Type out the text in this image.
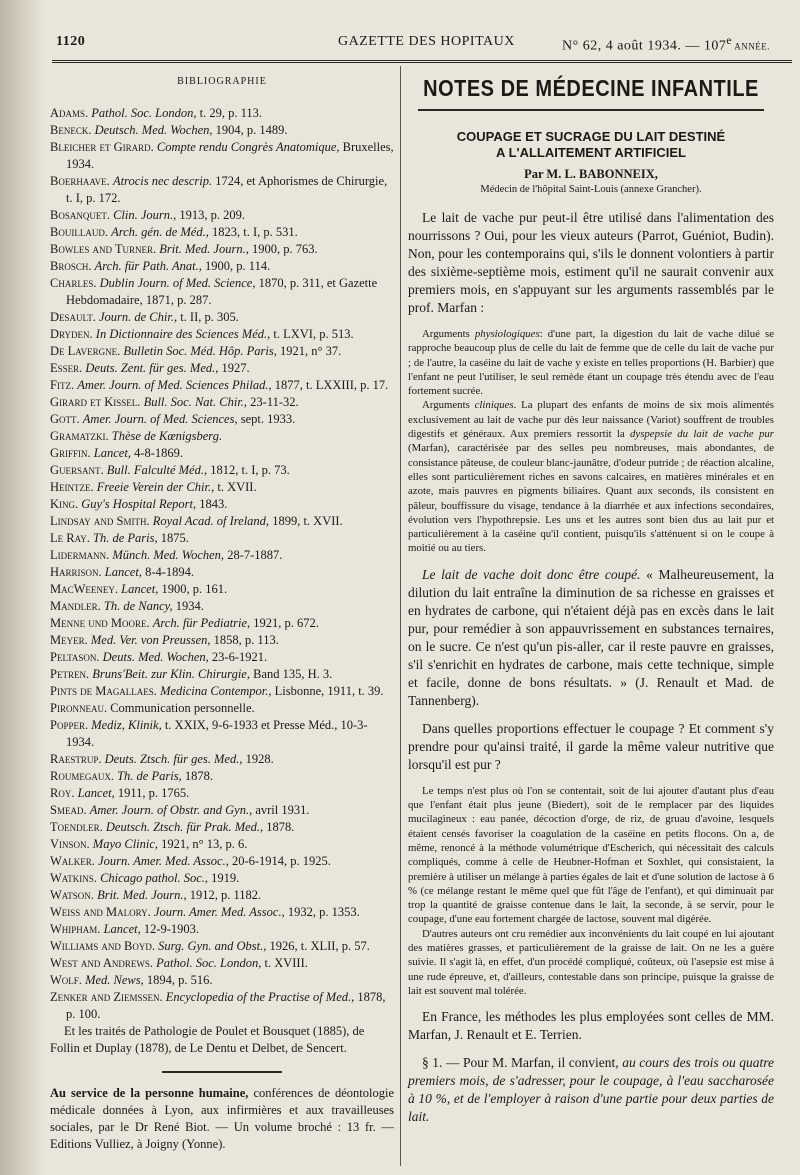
1120	GAZETTE DES HOPITAUX	N° 62, 4 août 1934. — 107e ANNÉE.
BIBLIOGRAPHIE

Adams. Pathol. Soc. London, t. 29, p. 113.

Beneck. Deutsch. Med. Wochen, 1904, p. 1489.

Bleicher et Girard. Compte rendu Congrès Anatomique, Bruxelles, 1934.

Boerhaave. Atrocis nec descrip. 1724, et Aphorismes de Chirurgie, t. I, p. 172.

Bosanquet. Clin. Journ., 1913, p. 209.

Bouillaud. Arch. gén. de Méd., 1823, t. I, p. 531.

Bowles and Turner. Brit. Med. Journ., 1900, p. 763.

Brosch. Arch. für Path. Anat., 1900, p. 114.

Charles. Dublin Journ. of Med. Science, 1870, p. 311, et Gazette Hebdomadaire, 1871, p. 287.

Desault. Journ. de Chir., t. II, p. 305.

Dryden. In Dictionnaire des Sciences Méd., t. LXVI, p. 513.

De Lavergne. Bulletin Soc. Méd. Hôp. Paris, 1921, n° 37.

Esser. Deuts. Zent. für ges. Med., 1927.

Fitz. Amer. Journ. of Med. Sciences Philad., 1877, t. LXXIII, p. 17.

Girard et Kissel. Bull. Soc. Nat. Chir., 23-11-32.

Gott. Amer. Journ. of Med. Sciences, sept. 1933.

Gramatzki. Thèse de Kœnigsberg.

Griffin. Lancet, 4-8-1869.

Guersant. Bull. Falculté Méd., 1812, t. I, p. 73.

Heintze. Freeie Verein der Chir., t. XVII.

King. Guy's Hospital Report, 1843.

Lindsay and Smith. Royal Acad. of Ireland, 1899, t. XVII.

Le Ray. Th. de Paris, 1875.

Lidermann. Münch. Med. Wochen, 28-7-1887.

Harrison. Lancet, 8-4-1894.

MacWeeney. Lancet, 1900, p. 161.

Mandler. Th. de Nancy, 1934.

Menne und Moore. Arch. für Pediatrie, 1921, p. 672.

Meyer. Med. Ver. von Preussen, 1858, p. 113.

Peltason. Deuts. Med. Wochen, 23-6-1921.

Petren. Bruns'Beit. zur Klin. Chirurgie, Band 135, H. 3.

Pints de Magallaes. Medicina Contempor., Lisbonne, 1911, t. 39.

Pironneau. Communication personnelle.

Popper. Mediz, Klinik, t. XXIX, 9-6-1933 et Presse Méd., 10-3-1934.

Raestrup. Deuts. Ztsch. für ges. Med., 1928.

Roumegaux. Th. de Paris, 1878.

Roy. Lancet, 1911, p. 1765.

Smead. Amer. Journ. of Obstr. and Gyn., avril 1931.

Toendler. Deutsch. Ztsch. für Prak. Med., 1878.

Vinson. Mayo Clinic, 1921, n° 13, p. 6.

Walker. Journ. Amer. Med. Assoc., 20-6-1914, p. 1925.

Watkins. Chicago pathol. Soc., 1919.

Watson. Brit. Med. Journ., 1912, p. 1182.

Weiss and Malory. Journ. Amer. Med. Assoc., 1932, p. 1353.

Whipham. Lancet, 12-9-1903.

Williams and Boyd. Surg. Gyn. and Obst., 1926, t. XLII, p. 57.

West and Andrews. Pathol. Soc. London, t. XVIII.

Wolf. Med. News, 1894, p. 516.

Zenker and Ziemssen. Encyclopedia of the Practise of Med., 1878, p. 100.

Et les traités de Pathologie de Poulet et Bousquet (1885), de Follin et Duplay (1878), de Le Dentu et Delbet, de Sencert.

Au service de la personne humaine, conférences de déontologie médicale données à Lyon, aux infirmières et aux travailleuses sociales, par le Dr René Biot. — Un volume broché : 13 fr. — Editions Vulliez, à Joigny (Yonne).

NOTES DE MÉDECINE INFANTILE

COUPAGE ET SUCRAGE DU LAIT DESTINÉ
A L'ALLAITEMENT ARTIFICIEL

Par M. L. BABONNEIX,

Médecin de l'hôpital Saint-Louis (annexe Grancher).

Le lait de vache pur peut-il être utilisé dans l'alimentation des nourrissons ? Oui, pour les vieux auteurs (Parrot, Guéniot, Budin). Non, pour les contemporains qui, s'ils le donnent volontiers à partir des sixième-septième mois, estiment qu'il ne saurait convenir aux premiers mois, en s'appuyant sur les arguments rassemblés par le prof. Marfan :

Arguments physiologiques: d'une part, la digestion du lait de vache dilué se rapproche beaucoup plus de celle du lait de femme que de celle du lait de vache pur ; de l'autre, la caséine du lait de vache y existe en telles proportions (H. Barbier) que l'enfant ne peut l'utiliser, le seul remède étant un coupage très étendu avec de l'eau fortement sucrée.

Arguments cliniques. La plupart des enfants de moins de six mois alimentés exclusivement au lait de vache pur dès leur naissance (Variot) souffrent de troubles digestifs et généraux. Aux premiers ressortit la dyspepsie du lait de vache pur (Marfan), caractérisée par des selles peu nombreuses, mais abondantes, de consistance pâteuse, de couleur blanc-jaunâtre, d'odeur putride ; de réaction alcaline, elles sont particulièrement riches en savons calcaires, en matières minérales et en azote, mais pauvres en pigments biliaires. Quant aux seconds, ils consistent en pâleur, bouffissure du visage, tendance à la diarrhée et aux infections secondaires, évolution vers l'hypothrepsie. Les uns et les autres sont bien dus au lait pur et particulièrement à la caséine qu'il contient, puisqu'ils s'atténuent si on le coupe à moitié ou au tiers.

Le lait de vache doit donc être coupé. « Malheureusement, la dilution du lait entraîne la diminution de sa richesse en graisses et en hydrates de carbone, qui n'étaient déjà pas en excès dans le lait pur, pour remédier à son appauvrissement en substances ternaires, on le sucre. Ce n'est qu'un pis-aller, car il reste pauvre en graisses, s'il s'enrichit en hydrates de carbone, mais cette technique, simple et facile, donne de bons résultats. » (J. Renault et Mad. de Tannenberg).

Dans quelles proportions effectuer le coupage ? Et comment s'y prendre pour qu'ainsi traité, il garde la même valeur nutritive que lorsqu'il est pur ?

Le temps n'est plus où l'on se contentait, soit de lui ajouter d'autant plus d'eau que l'enfant était plus jeune (Biedert), soit de le remplacer par des liquides mucilagineux : eau panée, décoction d'orge, de riz, de gruau d'avoine, lesquels étaient censés favoriser la coagulation de la caséine en petits flocons. On a, de même, renoncé à la méthode volumétrique d'Escherich, qui nécessitait des calculs compliqués, comme à celle de Heubner-Hofman et Soxhlet, qui consistaient, la première à utiliser un mélange à parties égales de lait et d'une solution de lactose à 6 % (ce mélange restant le même quel que fût l'âge de l'enfant), et qui diminuait par trop la quantité de graisse contenue dans le lait, la seconde, à se servir, pour le coupage, d'une eau fortement chargée de lactose, souvent mal digérée.

D'autres auteurs ont cru remédier aux inconvénients du lait coupé en lui ajoutant des matières grasses, et particulièrement de la graisse de lait. On ne les a guère suivie. Il s'agit là, en effet, d'un procédé compliqué, coûteux, où l'asepsie est mise à une rude épreuve, et, d'ailleurs, contestable dans son principe, puisque la graisse de lait est souvent mal tolérée.

En France, les méthodes les plus employées sont celles de MM. Marfan, J. Renault et E. Terrien.

§ 1. — Pour M. Marfan, il convient, au cours des trois ou quatre premiers mois, de s'adresser, pour le coupage, à l'eau saccharosée à 10 %, et de l'employer à raison d'une partie pour deux parties de lait.
